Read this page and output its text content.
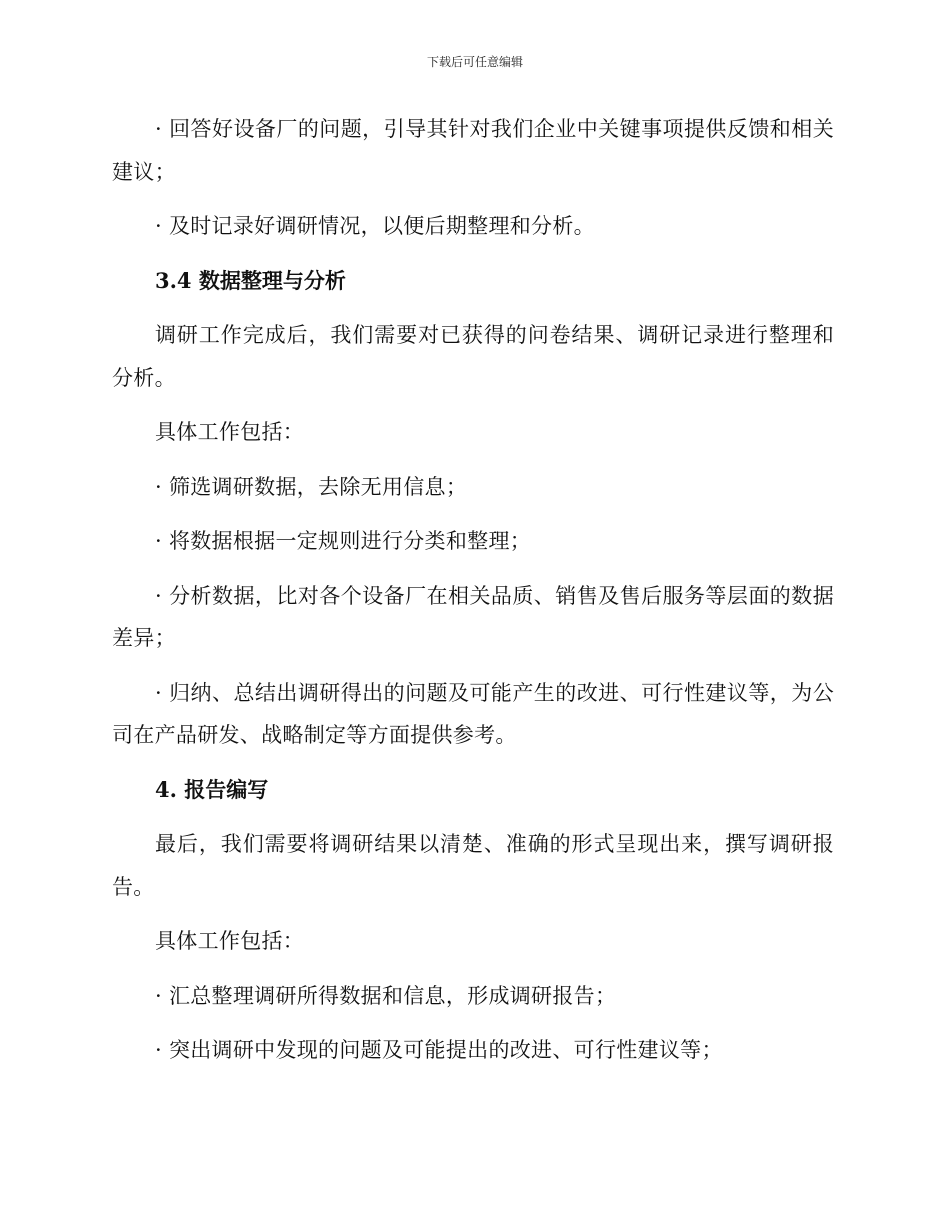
下载后可任意编辑

· 回答好设备厂的问题，引导其针对我们企业中关键事项提供反馈和相关建议；

· 及时记录好调研情况，以便后期整理和分析。

3.4 数据整理与分析

调研工作完成后，我们需要对已获得的问卷结果、调研记录进行整理和分析。

具体工作包括：

· 筛选调研数据，去除无用信息；

· 将数据根据一定规则进行分类和整理；

· 分析数据，比对各个设备厂在相关品质、销售及售后服务等层面的数据差异；

· 归纳、总结出调研得出的问题及可能产生的改进、可行性建议等，为公司在产品研发、战略制定等方面提供参考。

4. 报告编写

最后，我们需要将调研结果以清楚、准确的形式呈现出来，撰写调研报告。

具体工作包括：

· 汇总整理调研所得数据和信息，形成调研报告；

· 突出调研中发现的问题及可能提出的改进、可行性建议等；
